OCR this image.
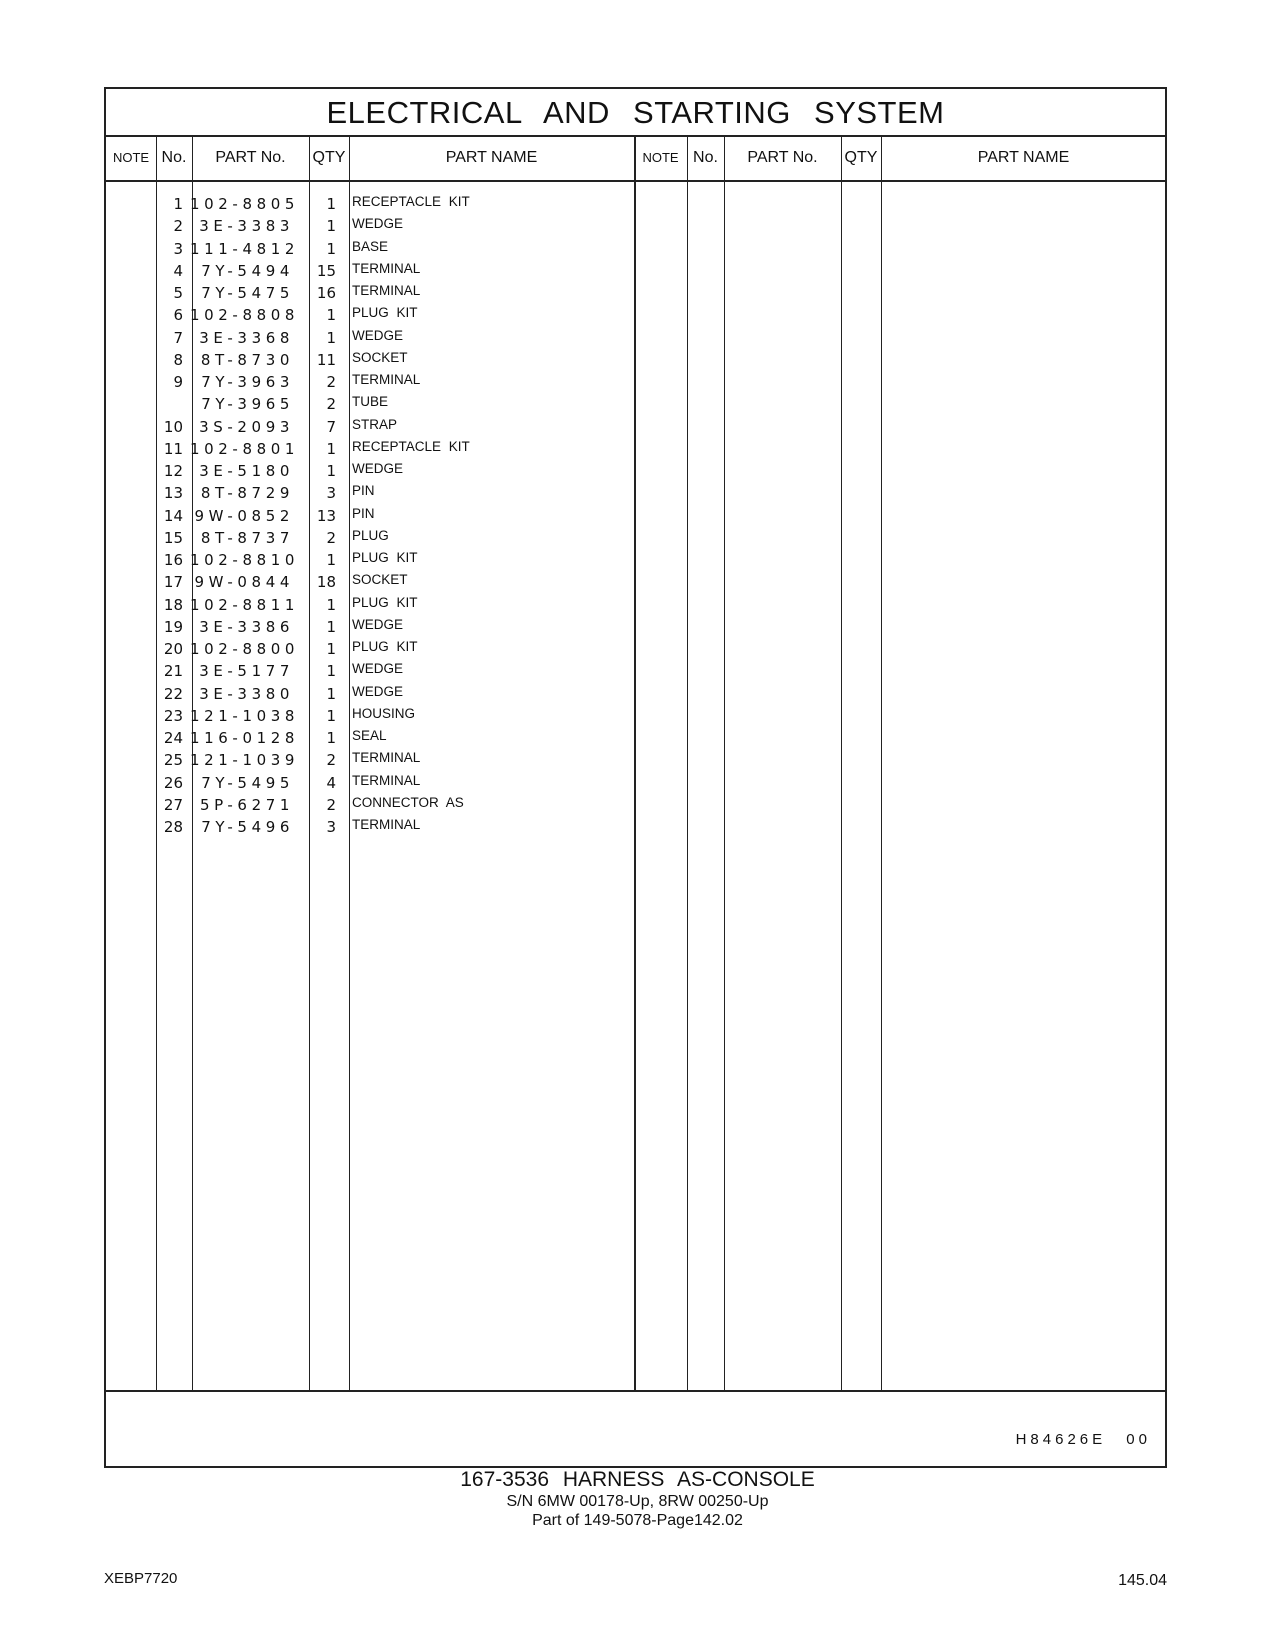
ELECTRICAL AND STARTING SYSTEM
NOTE No.	PART No.	QTY	PART NAME	NOTE No.	PART No.	QTY	PART NAME
1 102-8805	1 RECEPTACLE KIT
2	3E-3383	1 WEDGE
3 111-4812	1 BASE
4	7Y-5494	15 TERMINAL
5	7Y-5475	16 TERMINAL
6 102-8808	1 PLUG KIT
7	3E-3368	1 WEDGE
8	8T-8730	11 SOCKET
9	7Y-3963	2 TERMINAL
7Y-3965	2 TUBE
10	3S-2093	7 STRAP
11 102-8801	1 RECEPTACLE KIT
12	3E-5180	1 WEDGE
13	8T-8729	3 PIN
14 9W-0852	13 PIN
15	8T-8737	2 PLUG
16 102-8810	1 PLUG KIT
17 9W-0844	18 SOCKET
18 102-8811	1 PLUG KIT
19	3E-3386	1 WEDGE
20 102-8800	1 PLUG KIT
21	3E-5177	1 WEDGE
22	3E-3380	1 WEDGE
23 121-1038	1 HOUSING
24 116-0128	1 SEAL
25 121-1039	2 TERMINAL
26	7Y-5495	4 TERMINAL
27	5P-6271	2 CONNECTOR AS
28	7Y-5496	3 TERMINAL
H84626E 00
167-3536 HARNESS AS-CONSOLE
S/N 6MW 00178-Up, 8RW 00250-Up
Part of 149-5078-Page142.02
XEBP7720	145.04
